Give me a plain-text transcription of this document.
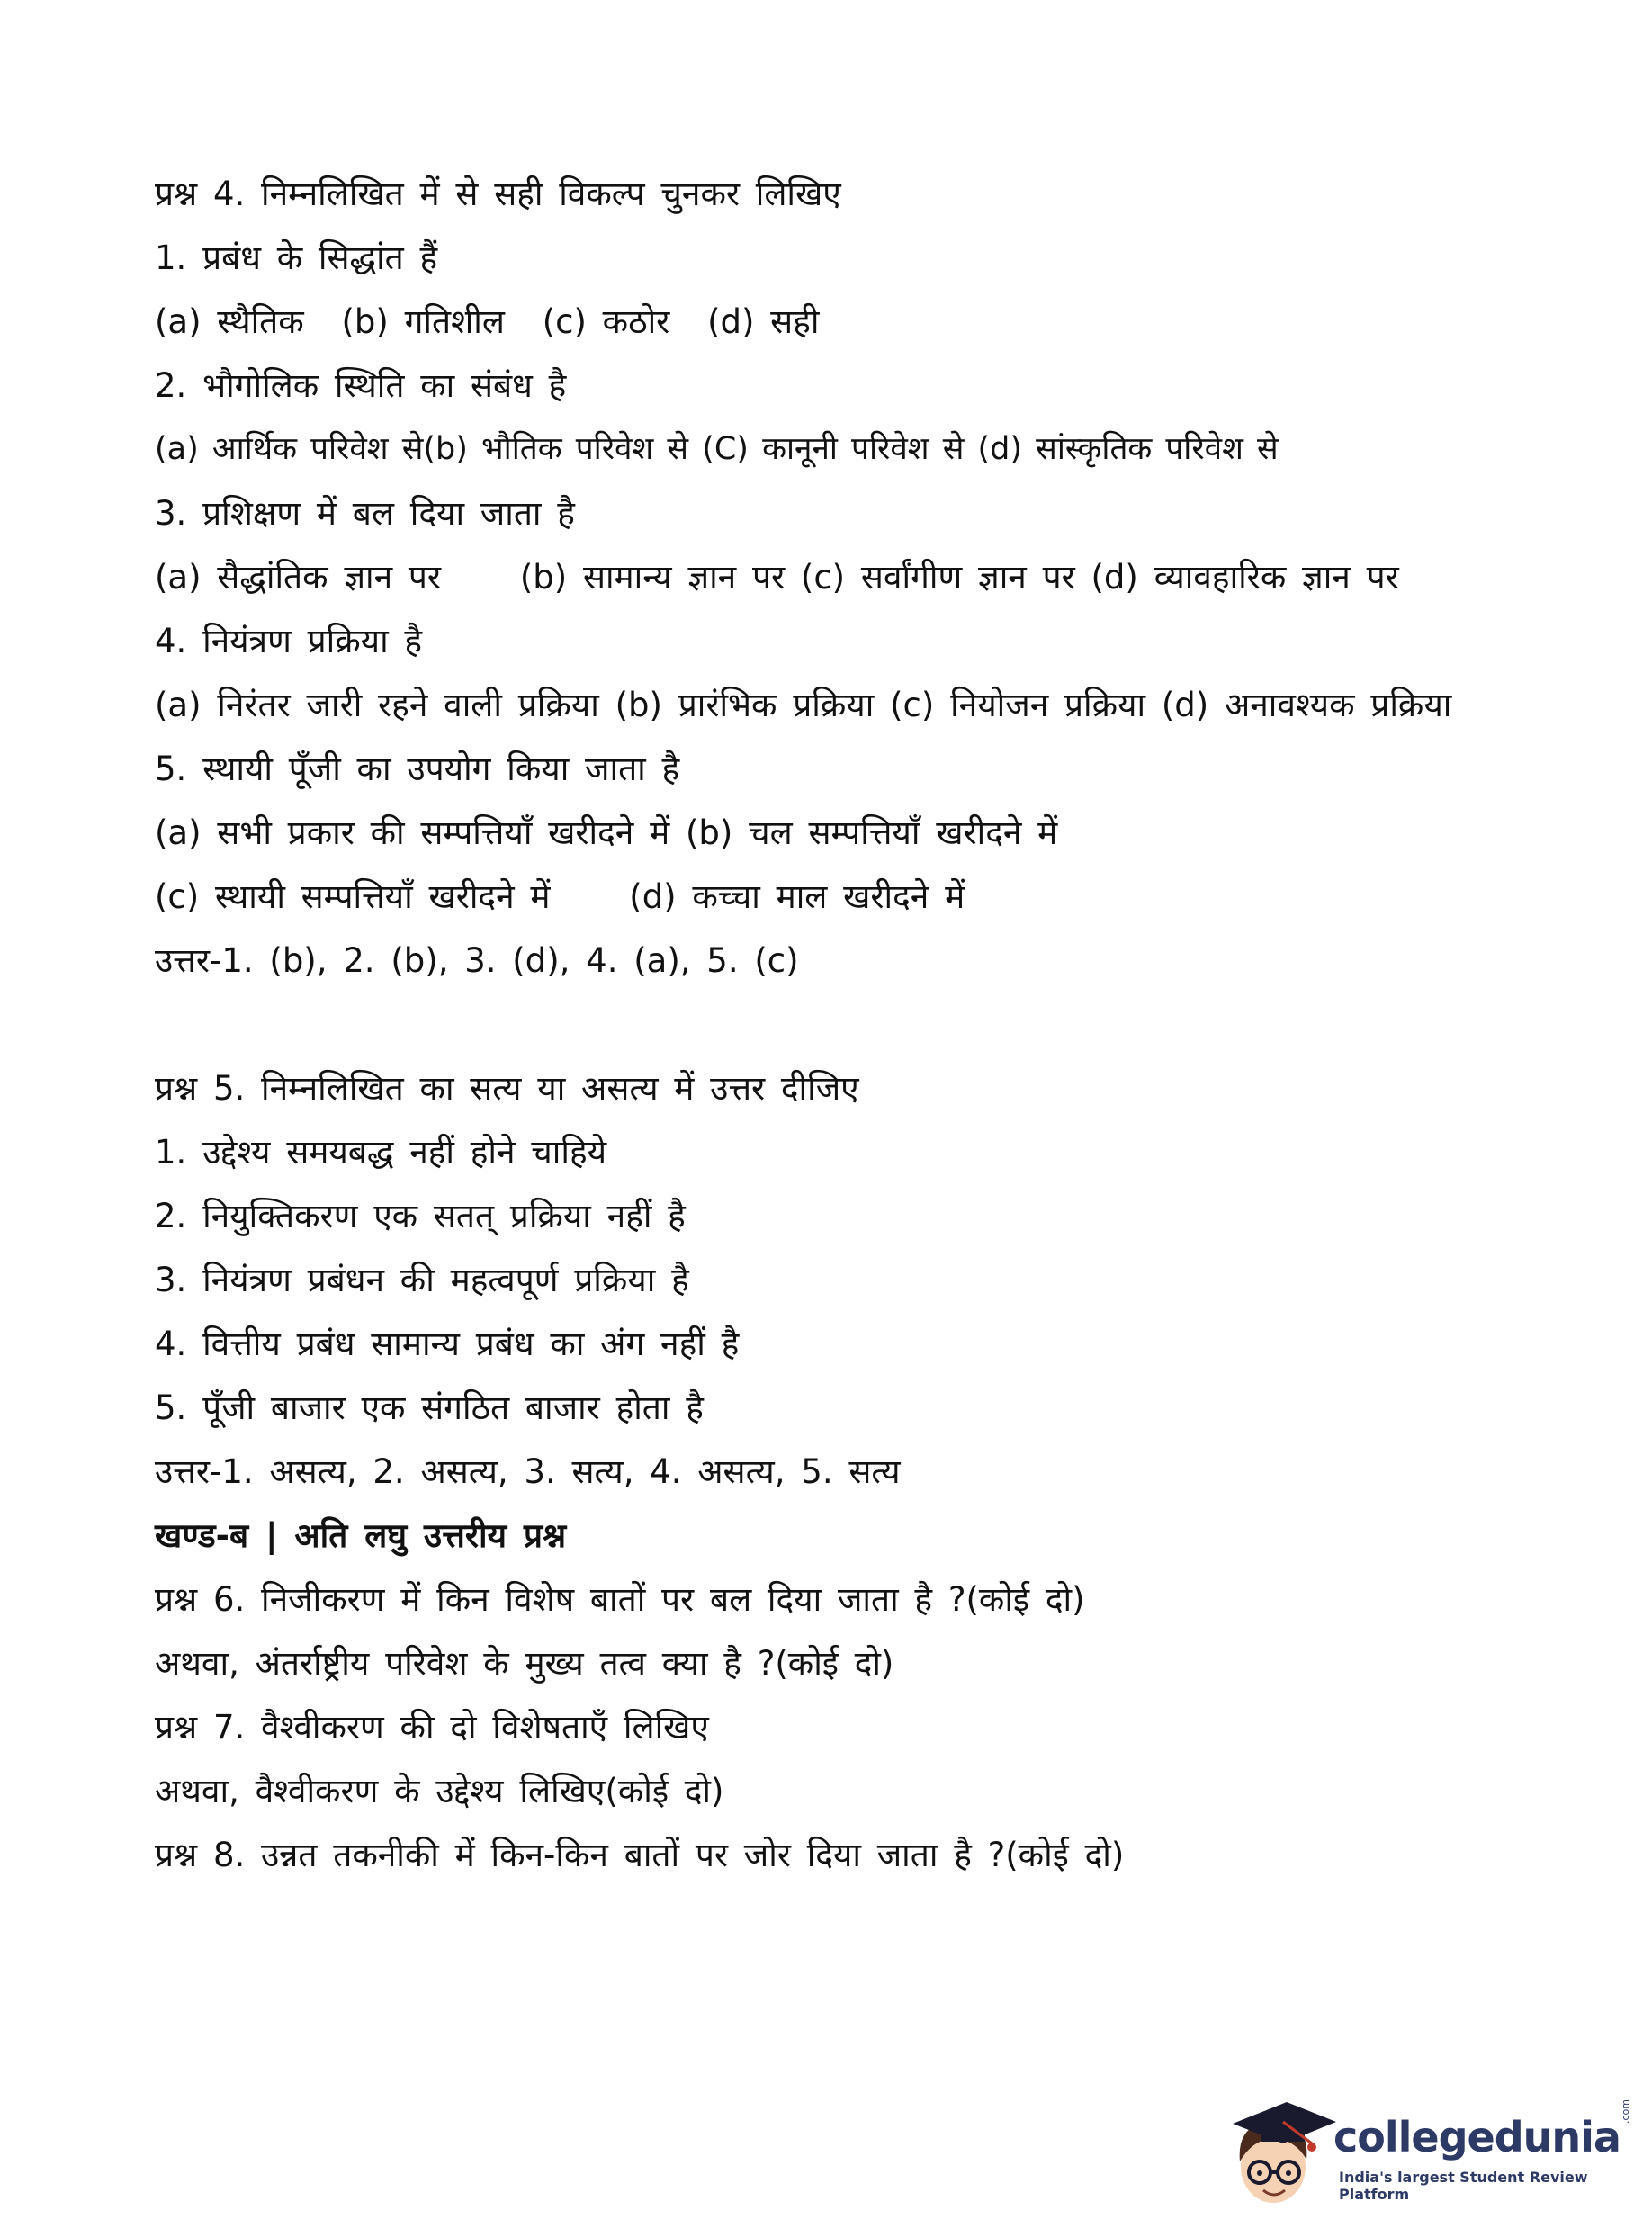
प्रश्न 4. निम्नलिखित में से सही विकल्प चुनकर लिखिए
1. प्रबंध के सिद्धांत हैं
(a) स्थैतिक (b) गतिशील (c) कठोर (d) सही
2. भौगोलिक स्थिति का संबंध है
(a) आर्थिक परिवेश से(b) भौतिक परिवेश से (C) कानूनी परिवेश से (d) सांस्कृतिक परिवेश से
3. प्रशिक्षण में बल दिया जाता है
(a) सैद्धांतिक ज्ञान पर (b) सामान्य ज्ञान पर (c) सर्वांगीण ज्ञान पर (d) व्यावहारिक ज्ञान पर
4. नियंत्रण प्रक्रिया है
(a) निरंतर जारी रहने वाली प्रक्रिया (b) प्रारंभिक प्रक्रिया (c) नियोजन प्रक्रिया (d) अनावश्यक प्रक्रिया
5. स्थायी पूँजी का उपयोग किया जाता है
(a) सभी प्रकार की सम्पत्तियाँ खरीदने में (b) चल सम्पत्तियाँ खरीदने में
(c) स्थायी सम्पत्तियाँ खरीदने में (d) कच्चा माल खरीदने में
उत्तर-1. (b), 2. (b), 3. (d), 4. (a), 5. (c)
प्रश्न 5. निम्नलिखित का सत्य या असत्य में उत्तर दीजिए
1. उद्देश्य समयबद्ध नहीं होने चाहिये
2. नियुक्तिकरण एक सतत् प्रक्रिया नहीं है
3. नियंत्रण प्रबंधन की महत्वपूर्ण प्रक्रिया है
4. वित्तीय प्रबंध सामान्य प्रबंध का अंग नहीं है
5. पूँजी बाजार एक संगठित बाजार होता है
उत्तर-1. असत्य, 2. असत्य, 3. सत्य, 4. असत्य, 5. सत्य
खण्ड-ब | अति लघु उत्तरीय प्रश्न
प्रश्न 6. निजीकरण में किन विशेष बातों पर बल दिया जाता है ?(कोई दो)
अथवा, अंतर्राष्ट्रीय परिवेश के मुख्य तत्व क्या है ?(कोई दो)
प्रश्न 7. वैश्वीकरण की दो विशेषताएँ लिखिए
अथवा, वैश्वीकरण के उद्देश्य लिखिए(कोई दो)
प्रश्न 8. उन्नत तकनीकी में किन-किन बातों पर जोर दिया जाता है ?(कोई दो)
collegedunia
.com
India's largest Student Review Platform
